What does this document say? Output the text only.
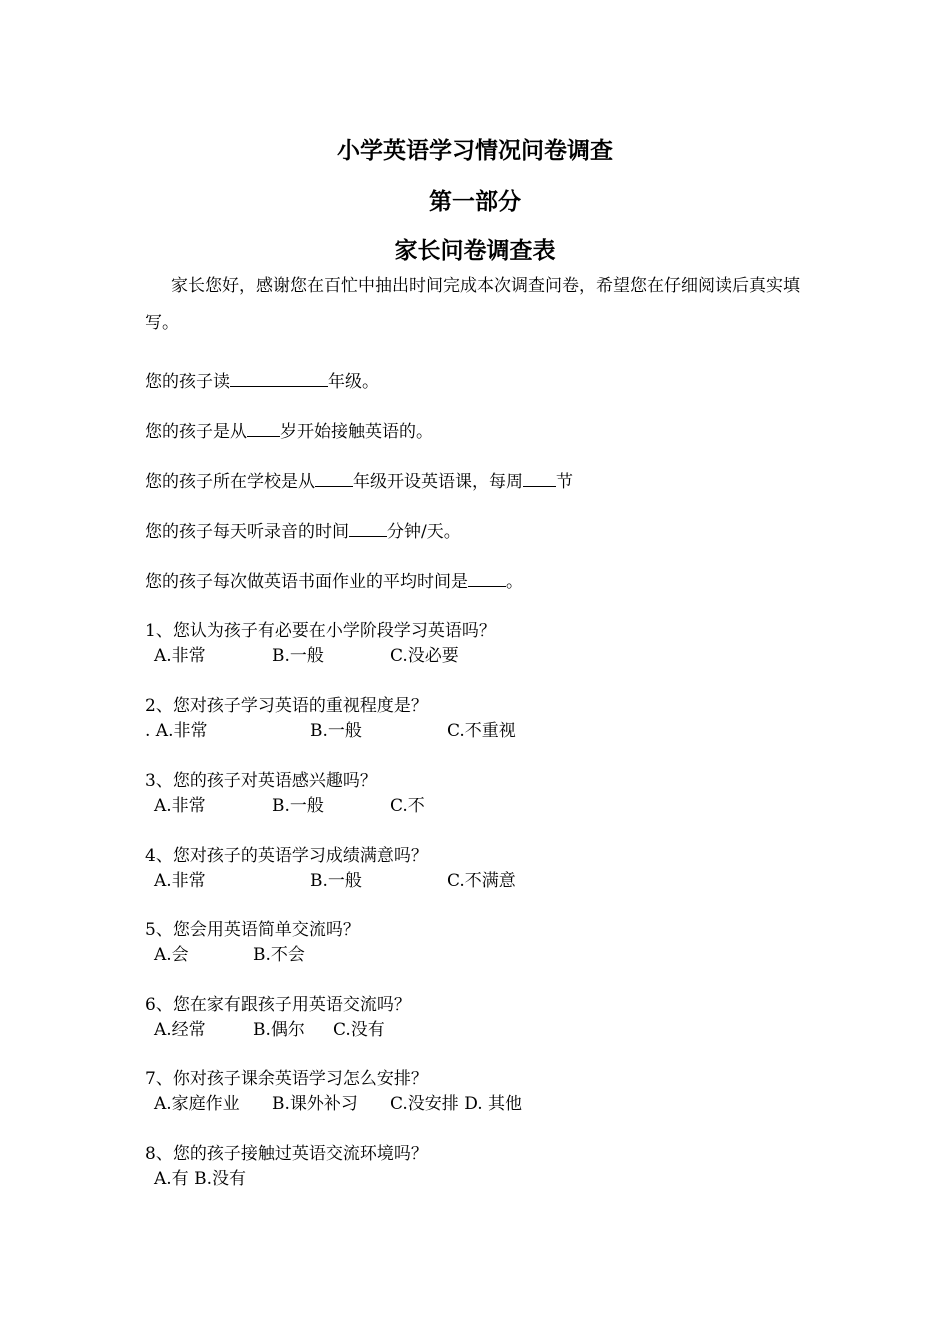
小学英语学习情况问卷调查
第一部分
家长问卷调查表
家长您好，感谢您在百忙中抽出时间完成本次调查问卷，希望您在仔细阅读后真实填写。
您的孩子读	年级。
您的孩子是从 岁开始接触英语的。
您的孩子所在学校是从 年级开设英语课，每周 节
您的孩子每天听录音的时间 分钟/天。
您的孩子每次做英语书面作业的平均时间是 。
1、您认为孩子有必要在小学阶段学习英语吗？
A.非常	B.一般	C.没必要
2、您对孩子学习英语的重视程度是？
. A.非常	B.一般	C.不重视
3、您的孩子对英语感兴趣吗？
A.非常	B.一般	C.不
4、您对孩子的英语学习成绩满意吗？
A.非常	B.一般	C.不满意
5、您会用英语简单交流吗？
A.会	B.不会
6、您在家有跟孩子用英语交流吗？
A.经常	B.偶尔 C.没有
7、你对孩子课余英语学习怎么安排？
A.家庭作业 B.课外补习 C.没安排 D. 其他
8、您的孩子接触过英语交流环境吗？
A.有 B.没有
